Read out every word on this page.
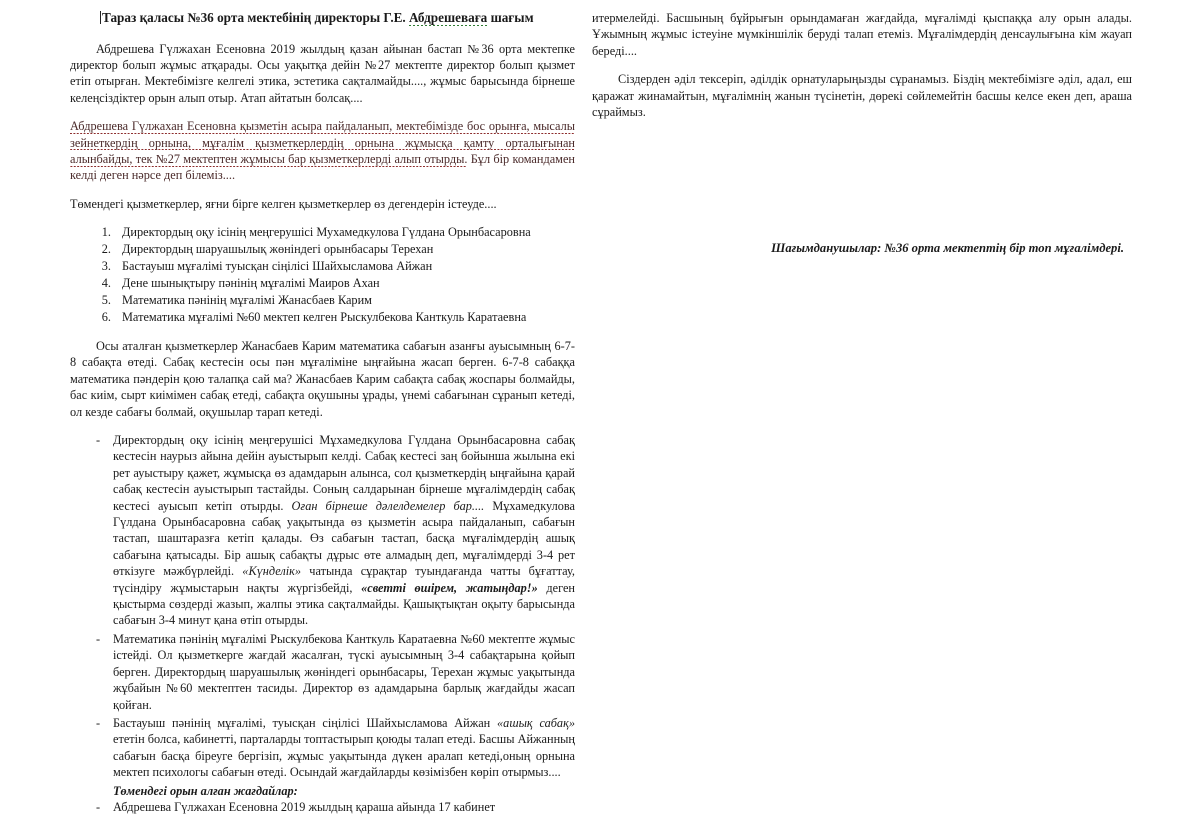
Тараз қаласы №36 орта мектебінің директоры Г.Е. Абдрешеваға шағым

Абдрешева Гүлжахан Есеновна 2019 жылдың қазан айынан бастап №36 орта мектепке директор болып жұмыс атқарады. Осы уақытқа дейін №27 мектепте директор болып қызмет етіп отырған. Мектебімізге келгелі этика, эстетика сақталмайды...., жұмыс барысында бірнеше келеңсіздіктер орын алып отыр. Атап айтатын болсақ....

Абдрешева Гүлжахан Есеновна қызметін асыра пайдаланып, мектебімізде бос орынға, мысалы зейнеткердің орнына, мұғалім қызметкерлердің орнына жұмысқа қамту орталығынан алынбайды, тек №27 мектептен жұмысы бар қызметкерлерді алып отырды. Бұл бір командамен келді деген нәрсе деп білеміз....

Төмендегі қызметкерлер, яғни бірге келген қызметкерлер өз дегендерін істеуде....

1. Директордың оқу ісінің меңгерушісі Мухамедкулова Гүлдана Орынбасаровна
2. Директордың шаруашылық жөніндегі орынбасары Терехан
3. Бастауыш мұғалімі туысқан сіңілісі Шайхысламова Айжан
4. Дене шынықтыру пәнінің мұғалімі Маиров Ахан
5. Математика пәнінің мұғалімі Жанасбаев Карим
6. Математика мұғалімі №60 мектеп келген Рыскулбекова Канткуль Каратаевна

Осы аталған қызметкерлер Жанасбаев Карим математика сабағын азанғы ауысымның 6-7-8 сабақта өтеді. Сабақ кестесін осы пән мұғаліміне ыңғайына жасап берген. 6-7-8 сабаққа математика пәндерін қою талапқа сай ма? Жанасбаев Карим сабақта сабақ жоспары болмайды, бас киім, сырт киімімен сабақ етеді, сабақта оқушыны ұрады, үнемі сабағынан сұранып кетеді, ол кезде сабағы болмай, оқушылар тарап кетеді.

- Директордың оқу ісінің меңгерушісі Мұхамедкулова Гүлдана Орынбасаровна сабақ кестесін наурыз айына дейін ауыстырып келді. Сабақ кестесі заң бойынша жылына екі рет ауыстыру қажет, жұмысқа өз адамдарын алынса, сол қызметкердің ыңғайына қарай сабақ кестесін ауыстырып тастайды. Соның салдарынан бірнеше мұғалімдердің сабақ кестесі ауысып кетіп отырды. Оған бірнеше дәлелдемелер бар.... Мұхамедкулова Гүлдана Орынбасаровна сабақ уақытында өз қызметін асыра пайдаланып, сабағын тастап, шаштаразға кетіп қалады. Өз сабағын тастап, басқа мұғалімдердің ашық сабағына қатысады. Бір ашық сабақты дұрыс өте алмадың деп, мұғалімдерді 3-4 рет өткізуге мәжбүрлейді. «Күнделік» чатында сұрақтар туындағанда чатты бұғаттау, түсіндіру жұмыстарын нақты жүргізбейді, «светті өшірем, жатыңдар!» деген қыстырма сөздерді жазып, жалпы этика сақталмайды. Қашықтықтан оқыту барысында сабағын 3-4 минут қана өтіп отырды.
- Математика пәнінің мұғалімі Рыскулбекова Канткуль Каратаевна №60 мектепте жұмыс істейді. Ол қызметкерге жағдай жасалған, түскі ауысымның 3-4 сабақтарына қойып берген. Директордың шаруашылық жөніндегі орынбасары, Терехан жұмыс уақытында жұбайын №60 мектептен тасиды. Директор өз адамдарына барлық жағдайды жасап қойған.
- Бастауыш пәнінің мұғалімі, туысқан сіңілісі Шайхысламова Айжан «ашық сабақ» ететін болса, кабинетті, парталарды топтастырып қоюды талап етеді. Басшы Айжанның сабағын басқа біреуге бергізіп, жұмыс уақытында дүкен аралап кетеді,оның орнына мектеп психологы сабағын өтеді. Осындай жағдайларды көзімізбен көріп отырмыз....

Төмендегі орын алған жағдайлар:

- Абдрешева Гүлжахан Есеновна 2019 жылдың қараша айында 17 кабинет

итермелейді. Басшының бұйрығын орындамаған жағдайда, мұғалімді қыспаққа алу орын алады. Ұжымның жұмыс істеуіне мүмкіншілік беруді талап етеміз. Мұғалімдердің денсаулығына кім жауап береді....

Сіздерден әділ тексеріп, әділдік орнатуларыңызды сұранамыз. Біздің мектебімізге әділ, адал, еш қаражат жинамайтын, мұғалімнің жанын түсінетін, дөрекі сөйлемейтін басшы келсе екен деп, араша сұраймыз.

Шағымданушылар: №36 орта мектептің бір топ мұғалімдері.
